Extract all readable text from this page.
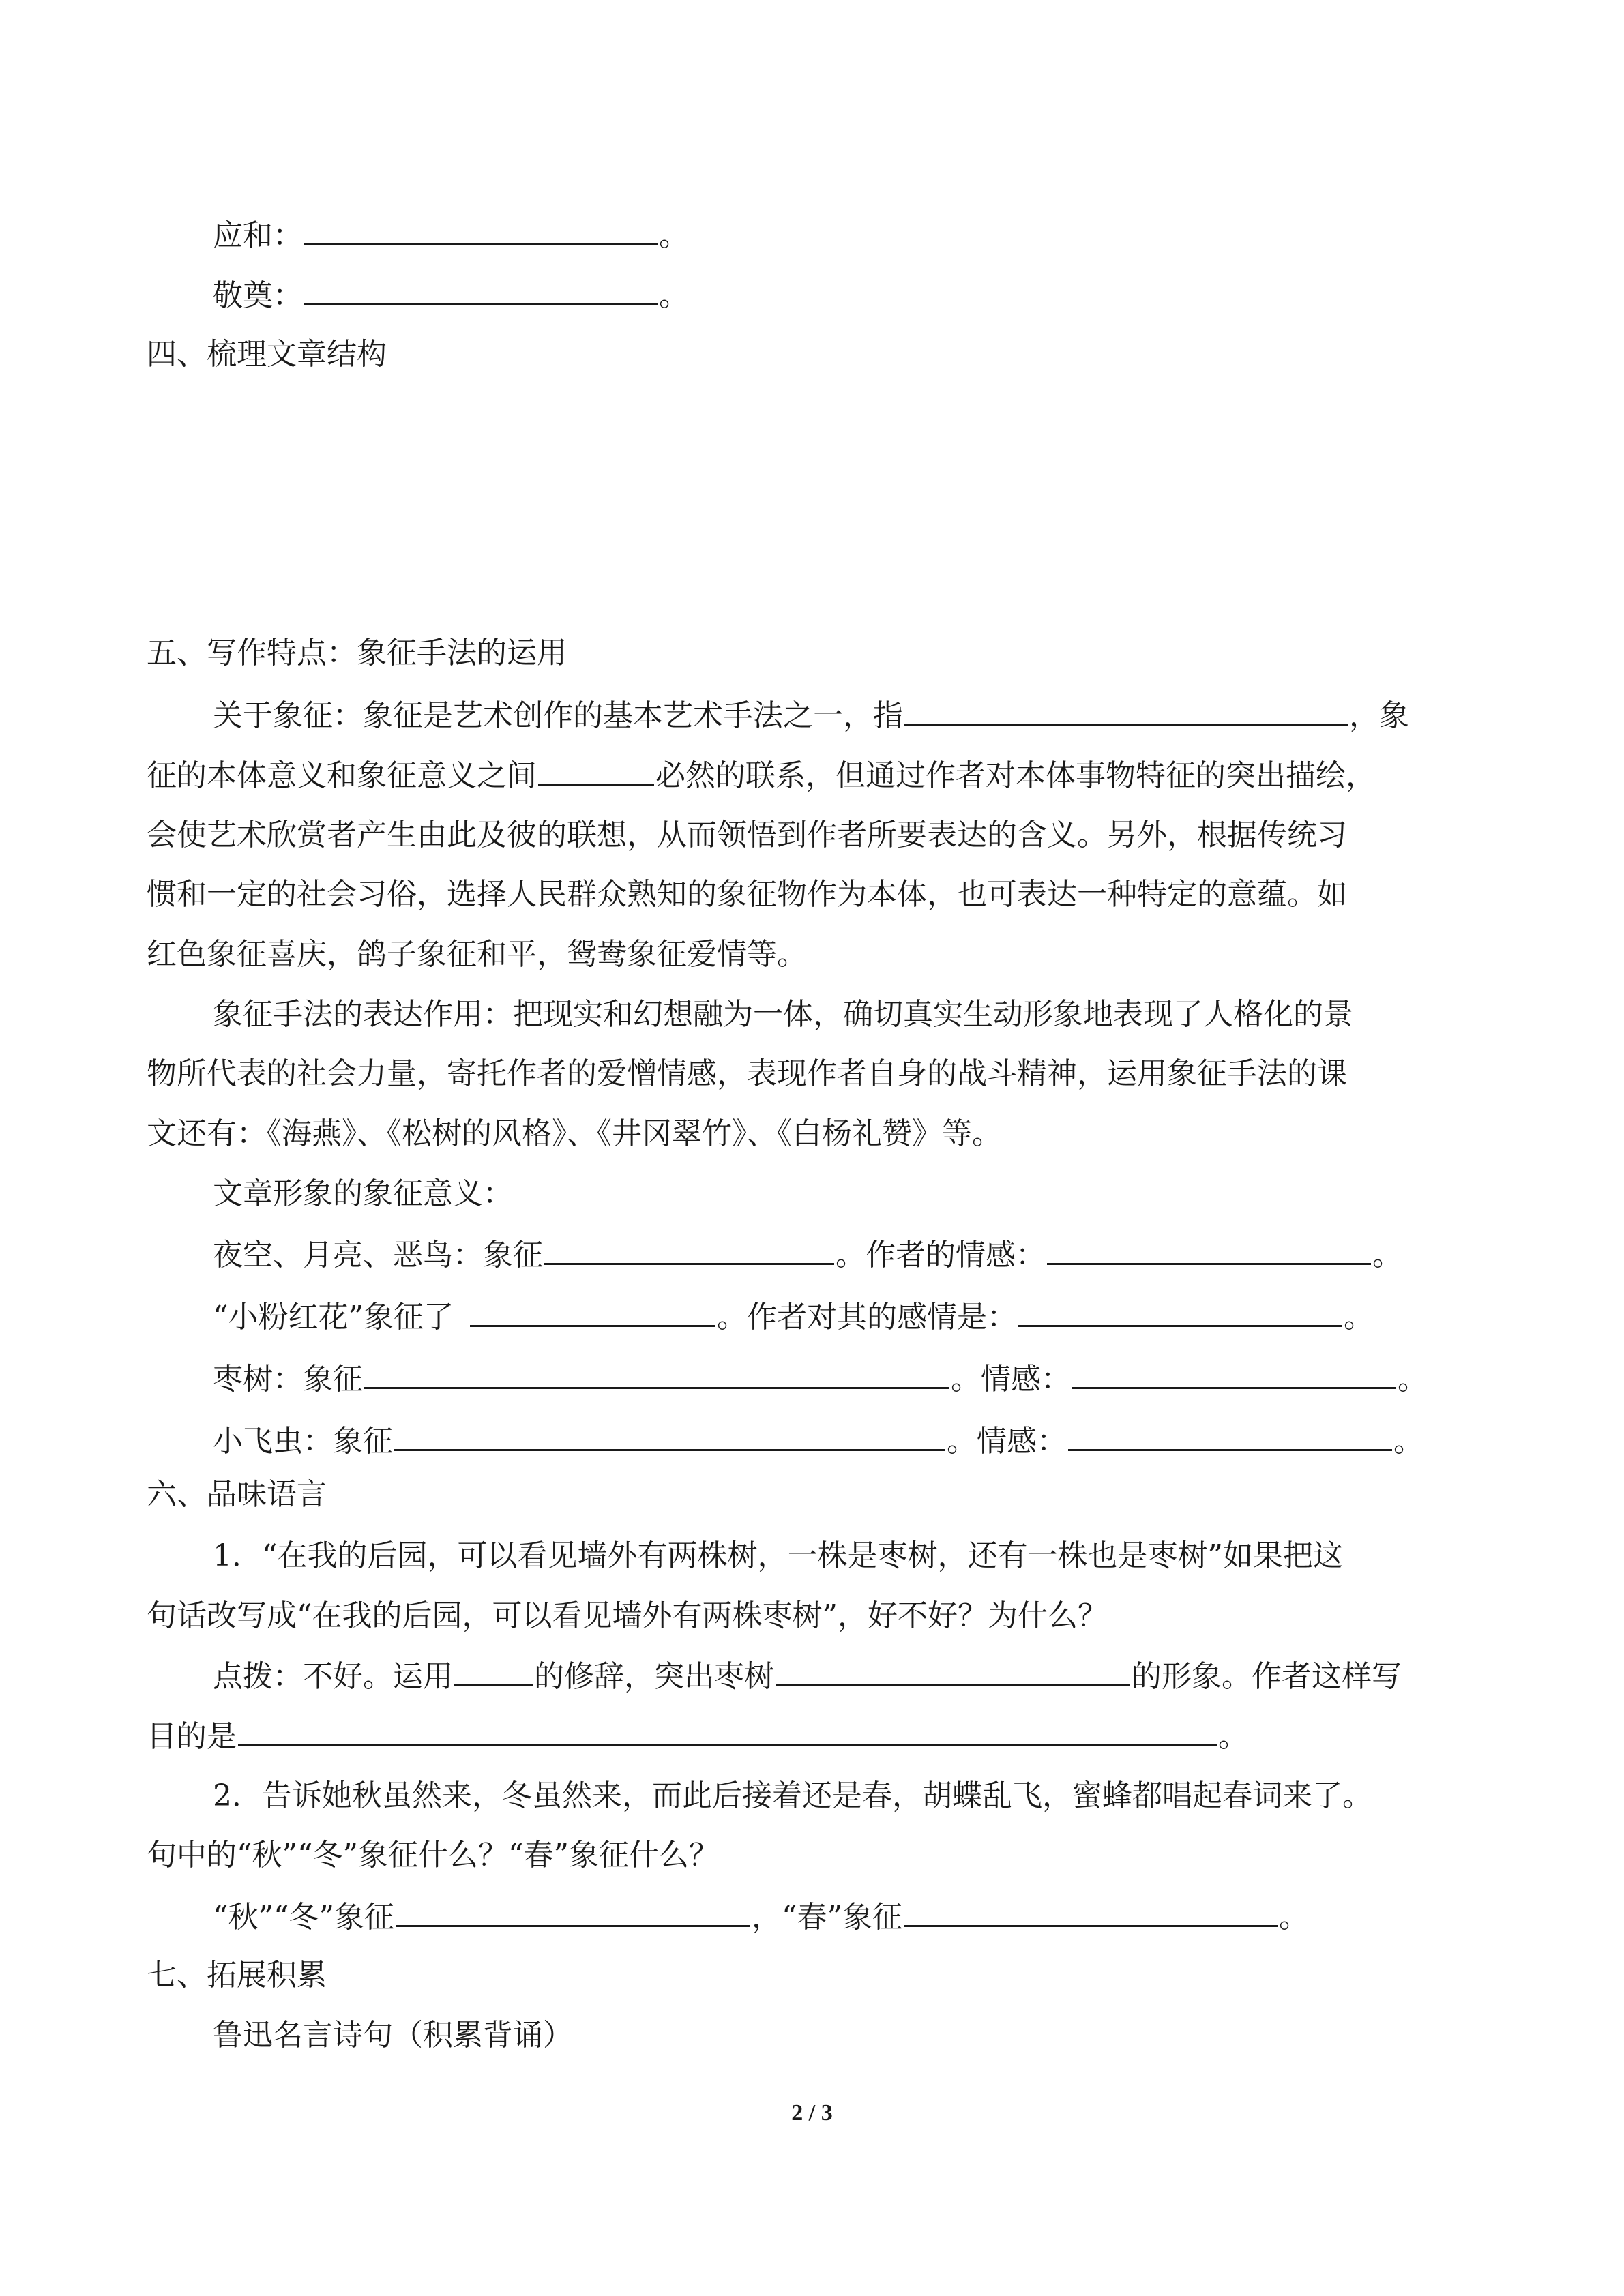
应和：	。
敬奠：	。
四、梳理文章结构
五、写作特点：象征手法的运用
关于象征：象征是艺术创作的基本艺术手法之一，指	，象
征的本体意义和象征意义之间	必然的联系，但通过作者对本体事物特征的突出描绘，
会使艺术欣赏者产生由此及彼的联想，从而领悟到作者所要表达的含义。另外，根据传统习
惯和一定的社会习俗，选择人民群众熟知的象征物作为本体，也可表达一种特定的意蕴。如
红色象征喜庆，鸽子象征和平，鸳鸯象征爱情等。
象征手法的表达作用：把现实和幻想融为一体，确切真实生动形象地表现了人格化的景
物所代表的社会力量，寄托作者的爱憎情感，表现作者自身的战斗精神，运用象征手法的课
文还有：《海燕》、《松树的风格》、《井冈翠竹》、《白杨礼赞》等。
文章形象的象征意义：
夜空、月亮、恶鸟：象征	。作者的情感：	。
“小粉红花”象征了	。作者对其的感情是：	。
枣树：象征	。情感：	。
小飞虫：象征	。情感：	。
六、品味语言
1．“在我的后园，可以看见墙外有两株树，一株是枣树，还有一株也是枣树”如果把这
句话改写成“在我的后园，可以看见墙外有两株枣树”，好不好？为什么？
点拨：不好。运用	的修辞，突出枣树	的形象。作者这样写
目的是	。
2．告诉她秋虽然来，冬虽然来，而此后接着还是春，胡蝶乱飞，蜜蜂都唱起春词来了。
句中的“秋”“冬”象征什么？“春”象征什么？
“秋”“冬”象征	，“春”象征	。
七、拓展积累
鲁迅名言诗句（积累背诵）
2 / 3
